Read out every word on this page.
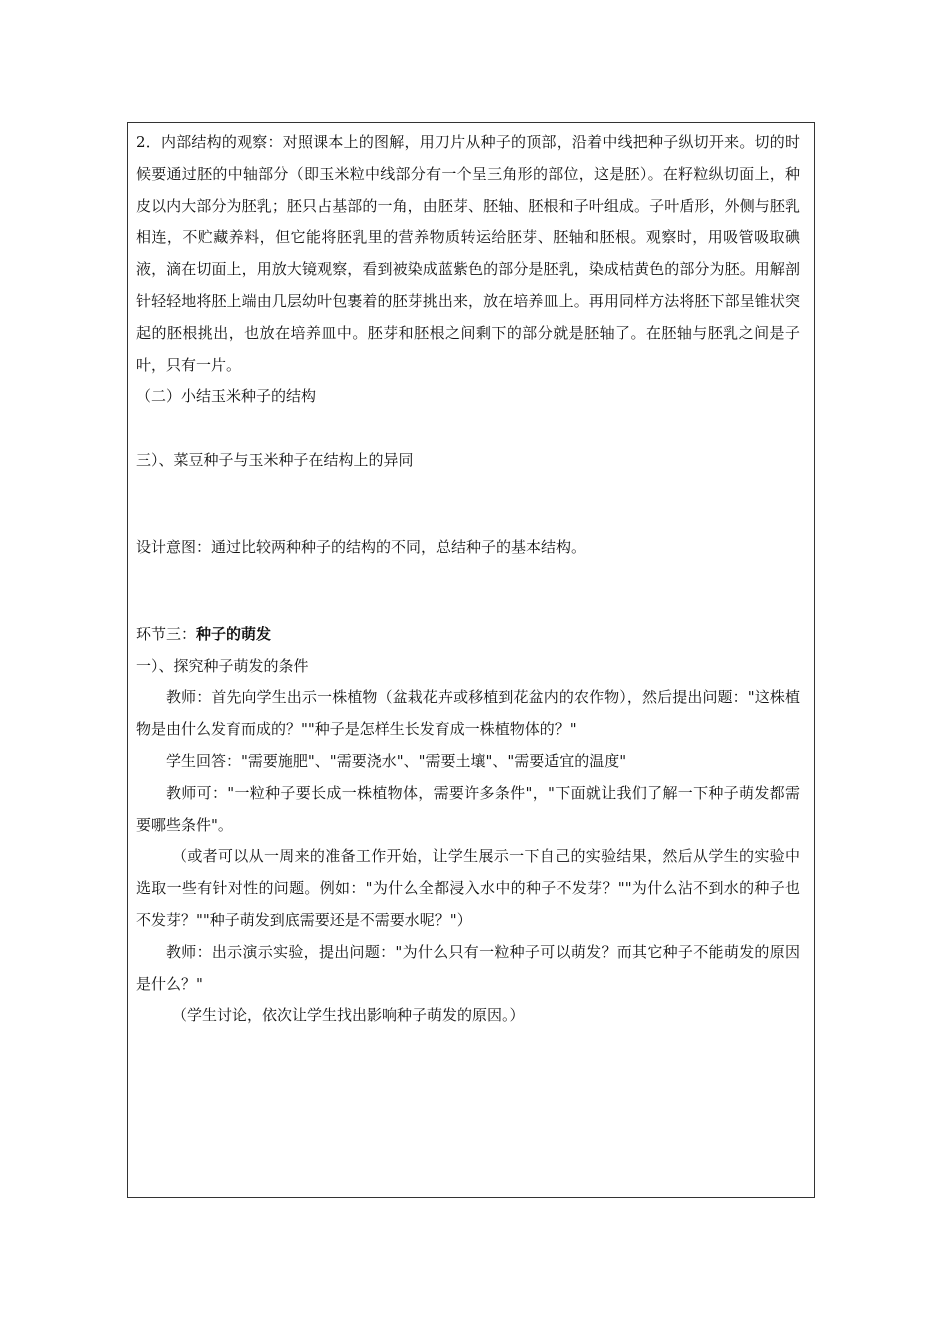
2．内部结构的观察：对照课本上的图解，用刀片从种子的顶部，沿着中线把种子纵切开来。切的时候要通过胚的中轴部分（即玉米粒中线部分有一个呈三角形的部位，这是胚）。在籽粒纵切面上，种皮以内大部分为胚乳；胚只占基部的一角，由胚芽、胚轴、胚根和子叶组成。子叶盾形，外侧与胚乳相连，不贮藏养料，但它能将胚乳里的营养物质转运给胚芽、胚轴和胚根。观察时，用吸管吸取碘液，滴在切面上，用放大镜观察，看到被染成蓝紫色的部分是胚乳，染成桔黄色的部分为胚。用解剖针轻轻地将胚上端由几层幼叶包裹着的胚芽挑出来，放在培养皿上。再用同样方法将胚下部呈锥状突起的胚根挑出，也放在培养皿中。胚芽和胚根之间剩下的部分就是胚轴了。在胚轴与胚乳之间是子叶，只有一片。

（二）小结玉米种子的结构

三）、菜豆种子与玉米种子在结构上的异同

设计意图：通过比较两种种子的结构的不同，总结种子的基本结构。

环节三：种子的萌发

一）、探究种子萌发的条件

教师：首先向学生出示一株植物（盆栽花卉或移植到花盆内的农作物），然后提出问题："这株植物是由什么发育而成的？""种子是怎样生长发育成一株植物体的？"

学生回答："需要施肥"、"需要浇水"、"需要土壤"、"需要适宜的温度"

教师可："一粒种子要长成一株植物体，需要许多条件"，"下面就让我们了解一下种子萌发都需要哪些条件"。

（或者可以从一周来的准备工作开始，让学生展示一下自己的实验结果，然后从学生的实验中选取一些有针对性的问题。例如："为什么全都浸入水中的种子不发芽？""为什么沾不到水的种子也不发芽？""种子萌发到底需要还是不需要水呢？"）

教师：出示演示实验，提出问题："为什么只有一粒种子可以萌发？而其它种子不能萌发的原因是什么？"

（学生讨论，依次让学生找出影响种子萌发的原因。）
